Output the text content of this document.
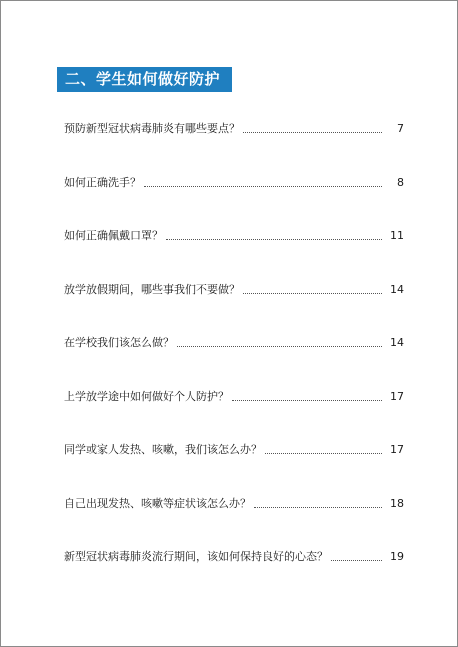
二、学生如何做好防护
预防新型冠状病毒肺炎有哪些要点？	7
如何正确洗手？	8
如何正确佩戴口罩？	11
放学放假期间，哪些事我们不要做？	14
在学校我们该怎么做？	14
上学放学途中如何做好个人防护？	17
同学或家人发热、咳嗽，我们该怎么办？	17
自己出现发热、咳嗽等症状该怎么办？	18
新型冠状病毒肺炎流行期间，该如何保持良好的心态？	19
